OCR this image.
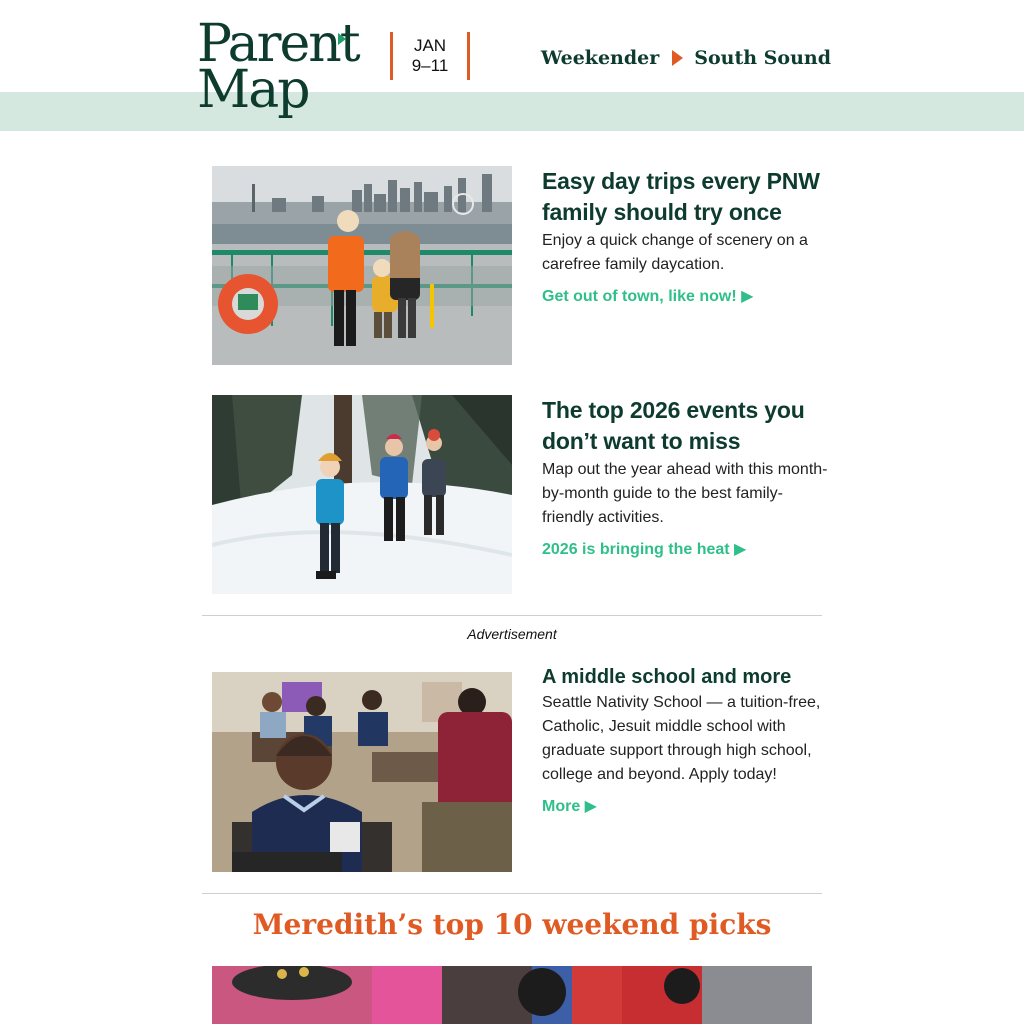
Parent
Map
JAN
9–11	Weekender South Sound
Easy day trips every PNW family should try once

Enjoy a quick change of scenery on a carefree family daycation.

Get out of town, like now! ▶
The top 2026 events you don’t want to miss

Map out the year ahead with this month-by-month guide to the best family-friendly activities.

2026 is bringing the heat ▶
Advertisement
A middle school and more

Seattle Nativity School — a tuition-free, Catholic, Jesuit middle school with graduate support through high school, college and beyond. Apply today!

More ▶
Meredith’s top 10 weekend picks
